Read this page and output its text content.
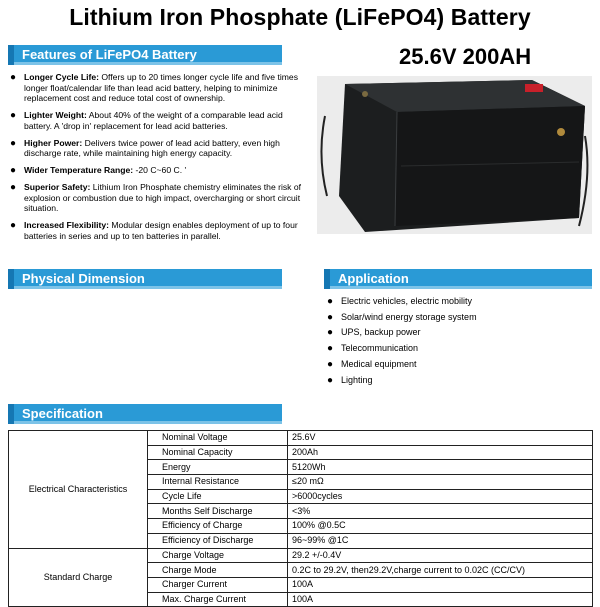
Lithium Iron Phosphate (LiFePO4) Battery
25.6V 200AH
Features of LiFePO4 Battery
● Longer Cycle Life: Offers up to 20 times longer cycle life and five times longer float/calendar life than lead acid battery, helping to minimize replacement cost and reduce total cost of ownership.
● Lighter Weight: About 40% of the weight of a comparable lead acid battery. A 'drop in' replacement for lead acid batteries.
● Higher Power: Delivers twice power of lead acid battery, even high discharge rate, while maintaining high energy capacity.
● Wider Temperature Range: -20 C~60 C. '
● Superior Safety: Lithium Iron Phosphate chemistry eliminates the risk of explosion or combustion due to high impact, overcharging or short circuit situation.
● Increased Flexibility: Modular design enables deployment of up to four batteries in series and up to ten batteries in parallel.
Physical Dimension	Application
● Electric vehicles, electric mobility
● Solar/wind energy storage system
● UPS, backup power
● Telecommunication
● Medical equipment
● Lighting
Specification
Electrical Characteristics	Nominal Voltage	25.6V
	Nominal Capacity	200Ah
	Energy	5120Wh
	Internal Resistance	≤20 mΩ
	Cycle Life	>6000cycles
	Months Self Discharge	<3%
	Efficiency of Charge	100% @0.5C
	Efficiency of Discharge	96~99% @1C
Standard Charge	Charge Voltage	29.2 +/-0.4V
	Charge Mode	0.2C to 29.2V, then29.2V,charge current to 0.02C (CC/CV)
	Charger Current	100A
	Max. Charge Current	100A
